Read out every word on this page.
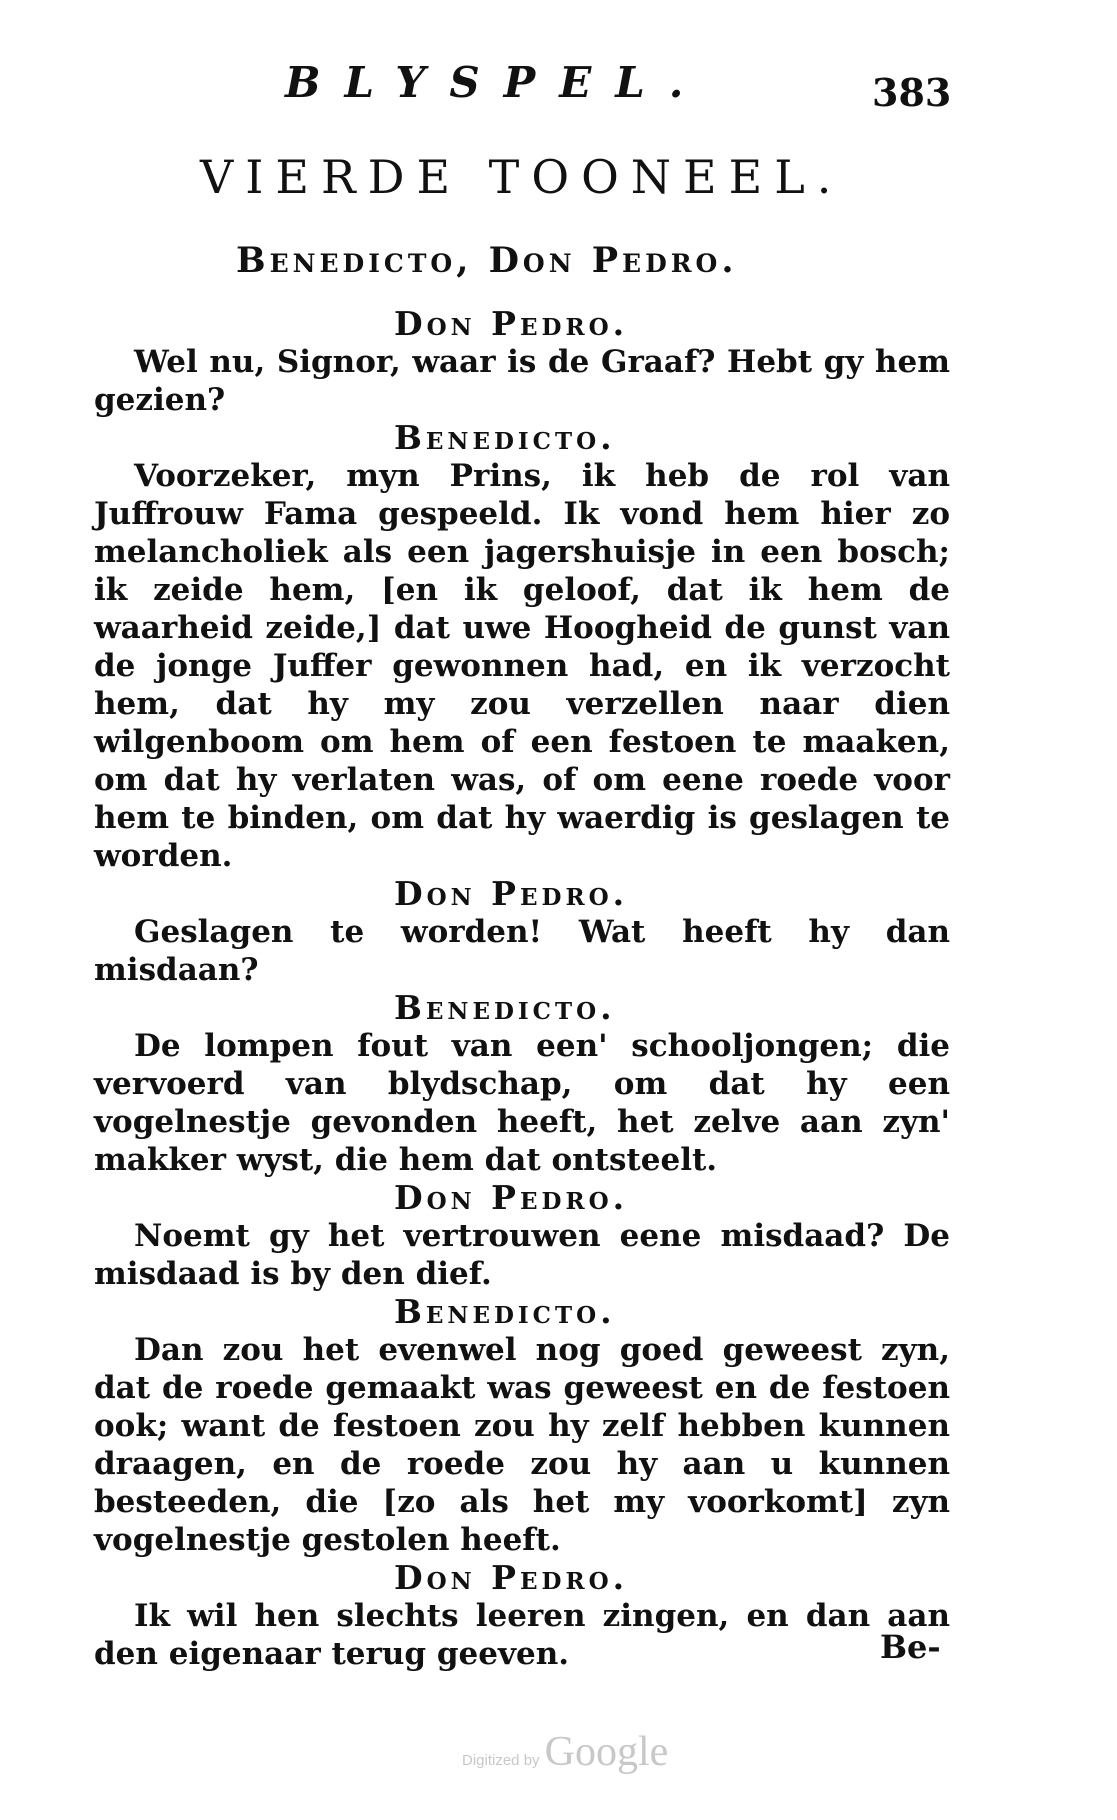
BLYSPEL.	383
VIERDE TOONEEL.
Benedicto, Don Pedro.
Don Pedro.

Wel nu, Signor, waar is de Graaf? Hebt gy hem gezien?

Benedicto.

Voorzeker, myn Prins, ik heb de rol van Juffrouw Fama gespeeld. Ik vond hem hier zo melancholiek als een jagershuisje in een bosch; ik zeide hem, [en ik geloof, dat ik hem de waarheid zeide,] dat uwe Hoogheid de gunst van de jonge Juffer gewonnen had, en ik verzocht hem, dat hy my zou verzellen naar dien wilgenboom om hem of een festoen te maaken, om dat hy verlaten was, of om eene roede voor hem te binden, om dat hy waerdig is geslagen te worden.

Don Pedro.

Geslagen te worden! Wat heeft hy dan misdaan?

Benedicto.

De lompen fout van een' schooljongen; die vervoerd van blydschap, om dat hy een vogelnestje gevonden heeft, het zelve aan zyn' makker wyst, die hem dat ontsteelt.

Don Pedro.

Noemt gy het vertrouwen eene misdaad? De misdaad is by den dief.

Benedicto.

Dan zou het evenwel nog goed geweest zyn, dat de roede gemaakt was geweest en de festoen ook; want de festoen zou hy zelf hebben kunnen draagen, en de roede zou hy aan u kunnen besteeden, die [zo als het my voorkomt] zyn vogelnestje gestolen heeft.

Don Pedro.

Ik wil hen slechts leeren zingen, en dan aan den eigenaar terug geeven.	Be-
Digitized by Google
